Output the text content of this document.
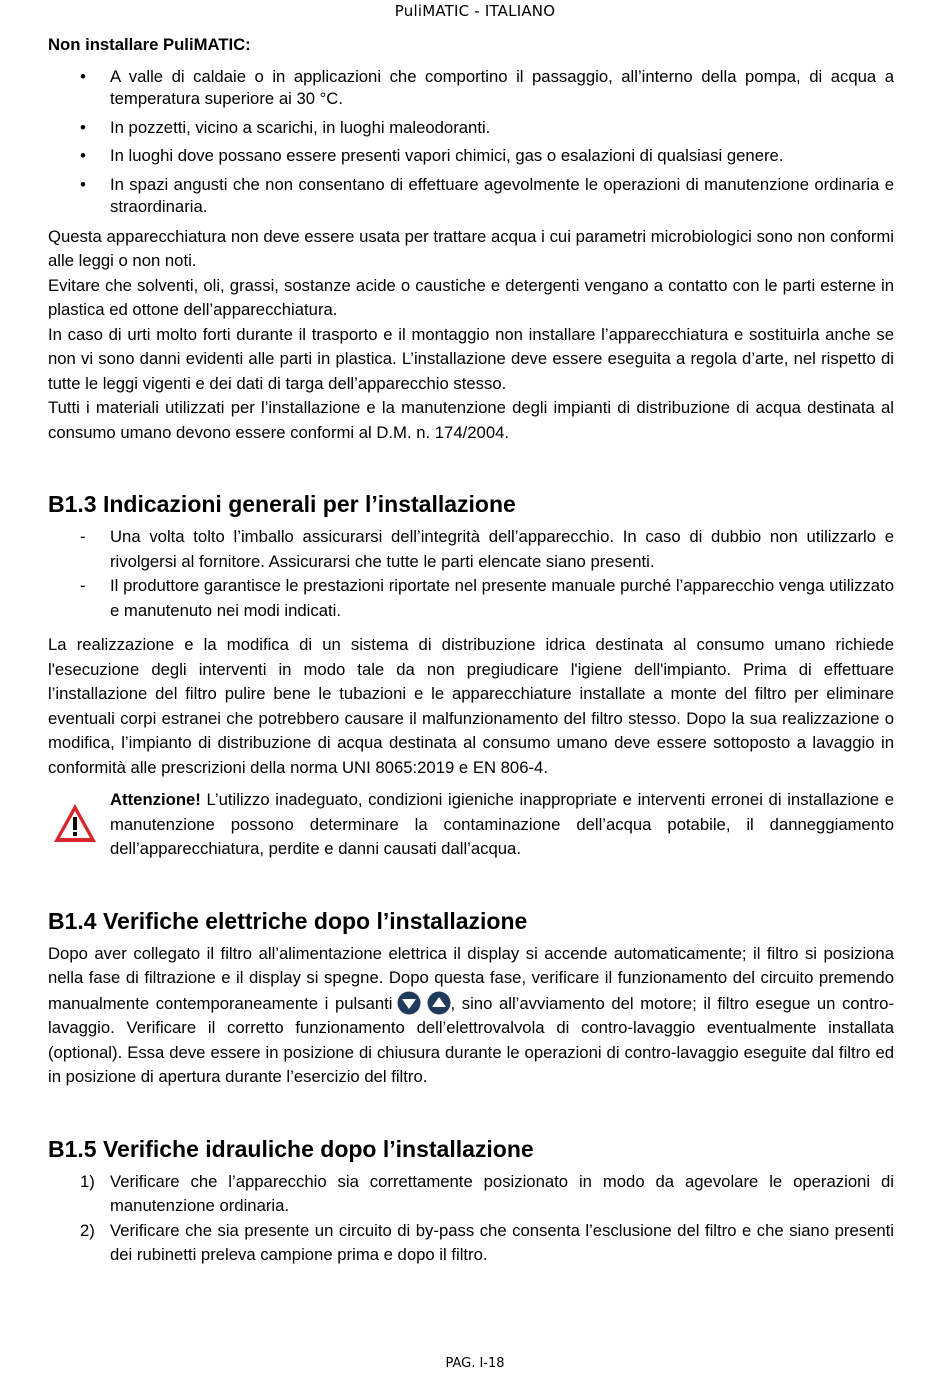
PuliMATIC - ITALIANO

Non installare PuliMATIC:

• A valle di caldaie o in applicazioni che comportino il passaggio, all’interno della pompa, di acqua a temperatura superiore ai 30 °C.
• In pozzetti, vicino a scarichi, in luoghi maleodoranti.
• In luoghi dove possano essere presenti vapori chimici, gas o esalazioni di qualsiasi genere.
• In spazi angusti che non consentano di effettuare agevolmente le operazioni di manutenzione ordinaria e straordinaria.

Questa apparecchiatura non deve essere usata per trattare acqua i cui parametri microbiologici sono non conformi alle leggi o non noti.

Evitare che solventi, oli, grassi, sostanze acide o caustiche e detergenti vengano a contatto con le parti esterne in plastica ed ottone dell’apparecchiatura.

In caso di urti molto forti durante il trasporto e il montaggio non installare l’apparecchiatura e sostituirla anche se non vi sono danni evidenti alle parti in plastica. L’installazione deve essere eseguita a regola d’arte, nel rispetto di tutte le leggi vigenti e dei dati di targa dell’apparecchio stesso.

Tutti i materiali utilizzati per l’installazione e la manutenzione degli impianti di distribuzione di acqua destinata al consumo umano devono essere conformi al D.M. n. 174/2004.

B1.3 Indicazioni generali per l’installazione
- Una volta tolto l’imballo assicurarsi dell’integrità dell’apparecchio. In caso di dubbio non utilizzarlo e rivolgersi al fornitore. Assicurarsi che tutte le parti elencate siano presenti.
- Il produttore garantisce le prestazioni riportate nel presente manuale purché l’apparecchio venga utilizzato e manutenuto nei modi indicati.

La realizzazione e la modifica di un sistema di distribuzione idrica destinata al consumo umano richiede l'esecuzione degli interventi in modo tale da non pregiudicare l'igiene dell'impianto. Prima di effettuare l’installazione del filtro pulire bene le tubazioni e le apparecchiature installate a monte del filtro per eliminare eventuali corpi estranei che potrebbero causare il malfunzionamento del filtro stesso. Dopo la sua realizzazione o modifica, l’impianto di distribuzione di acqua destinata al consumo umano deve essere sottoposto a lavaggio in conformità alle prescrizioni della norma UNI 8065:2019 e EN 806-4.

Attenzione! L’utilizzo inadeguato, condizioni igieniche inappropriate e interventi erronei di installazione e manutenzione possono determinare la contaminazione dell’acqua potabile, il danneggiamento dell’apparecchiatura, perdite e danni causati dall’acqua.

B1.4 Verifiche elettriche dopo l’installazione

Dopo aver collegato il filtro all’alimentazione elettrica il display si accende automaticamente; il filtro si posiziona nella fase di filtrazione e il display si spegne. Dopo questa fase, verificare il funzionamento del circuito premendo manualmente contemporaneamente i pulsanti	, sino all’avviamento del motore; il filtro esegue un contro-lavaggio. Verificare il corretto funzionamento dell’elettrovalvola di contro-lavaggio eventualmente installata (optional). Essa deve essere in posizione di chiusura durante le operazioni di contro-lavaggio eseguite dal filtro ed in posizione di apertura durante l’esercizio del filtro.

B1.5 Verifiche idrauliche dopo l’installazione
1) Verificare che l’apparecchio sia correttamente posizionato in modo da agevolare le operazioni di manutenzione ordinaria.
2) Verificare che sia presente un circuito di by-pass che consenta l’esclusione del filtro e che siano presenti dei rubinetti preleva campione prima e dopo il filtro.
PAG. I-18
